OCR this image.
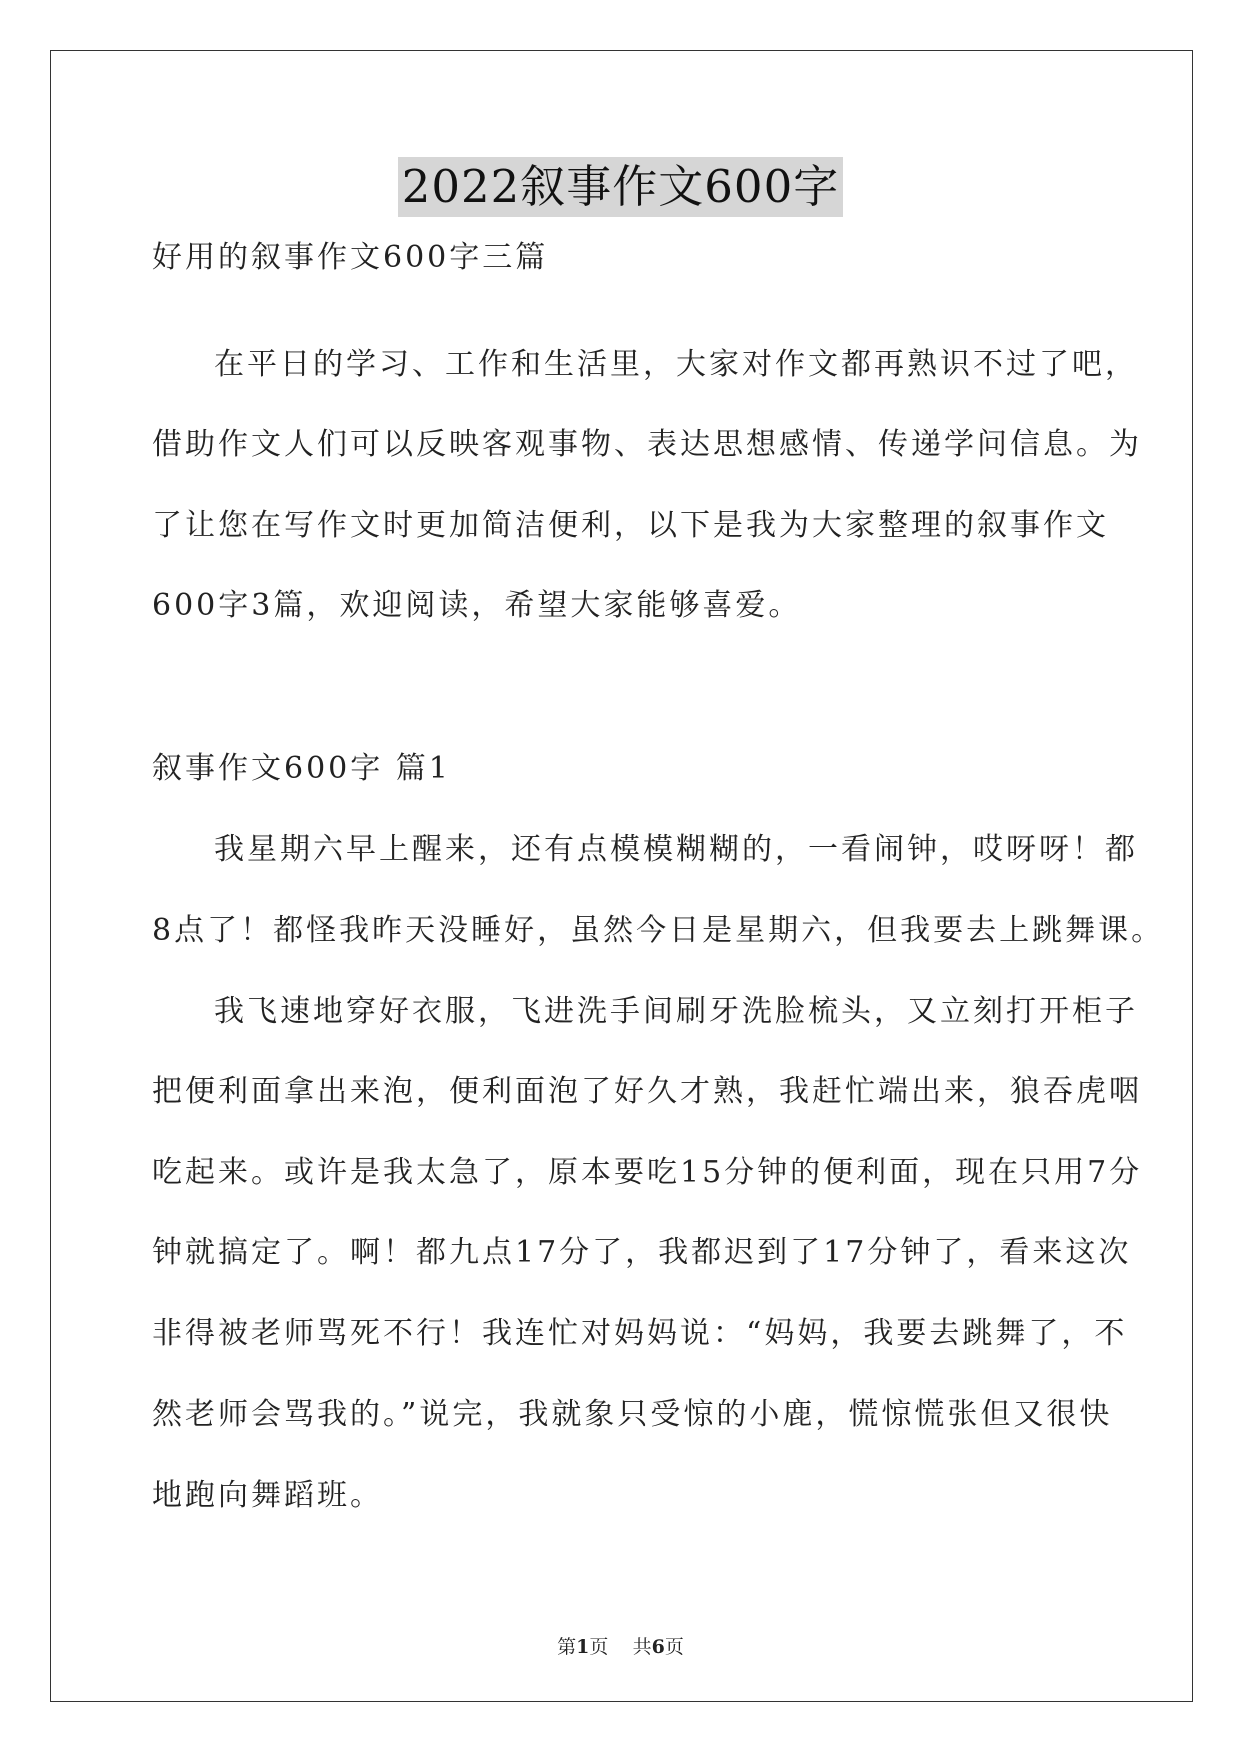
2022叙事作文600字
好用的叙事作文600字三篇
在平日的学习、工作和生活里，大家对作文都再熟识不过了吧，
借助作文人们可以反映客观事物、表达思想感情、传递学问信息。为
了让您在写作文时更加简洁便利，以下是我为大家整理的叙事作文
600字3篇，欢迎阅读，希望大家能够喜爱。
叙事作文600字 篇1
我星期六早上醒来，还有点模模糊糊的，一看闹钟，哎呀呀！都
8点了！都怪我昨天没睡好，虽然今日是星期六，但我要去上跳舞课。
我飞速地穿好衣服，飞进洗手间刷牙洗脸梳头，又立刻打开柜子
把便利面拿出来泡，便利面泡了好久才熟，我赶忙端出来，狼吞虎咽
吃起来。或许是我太急了，原本要吃15分钟的便利面，现在只用7分
钟就搞定了。啊！都九点17分了，我都迟到了17分钟了，看来这次
非得被老师骂死不行！我连忙对妈妈说：“妈妈，我要去跳舞了，不
然老师会骂我的。”说完，我就象只受惊的小鹿，慌惊慌张但又很快
地跑向舞蹈班。
第1页 共6页
